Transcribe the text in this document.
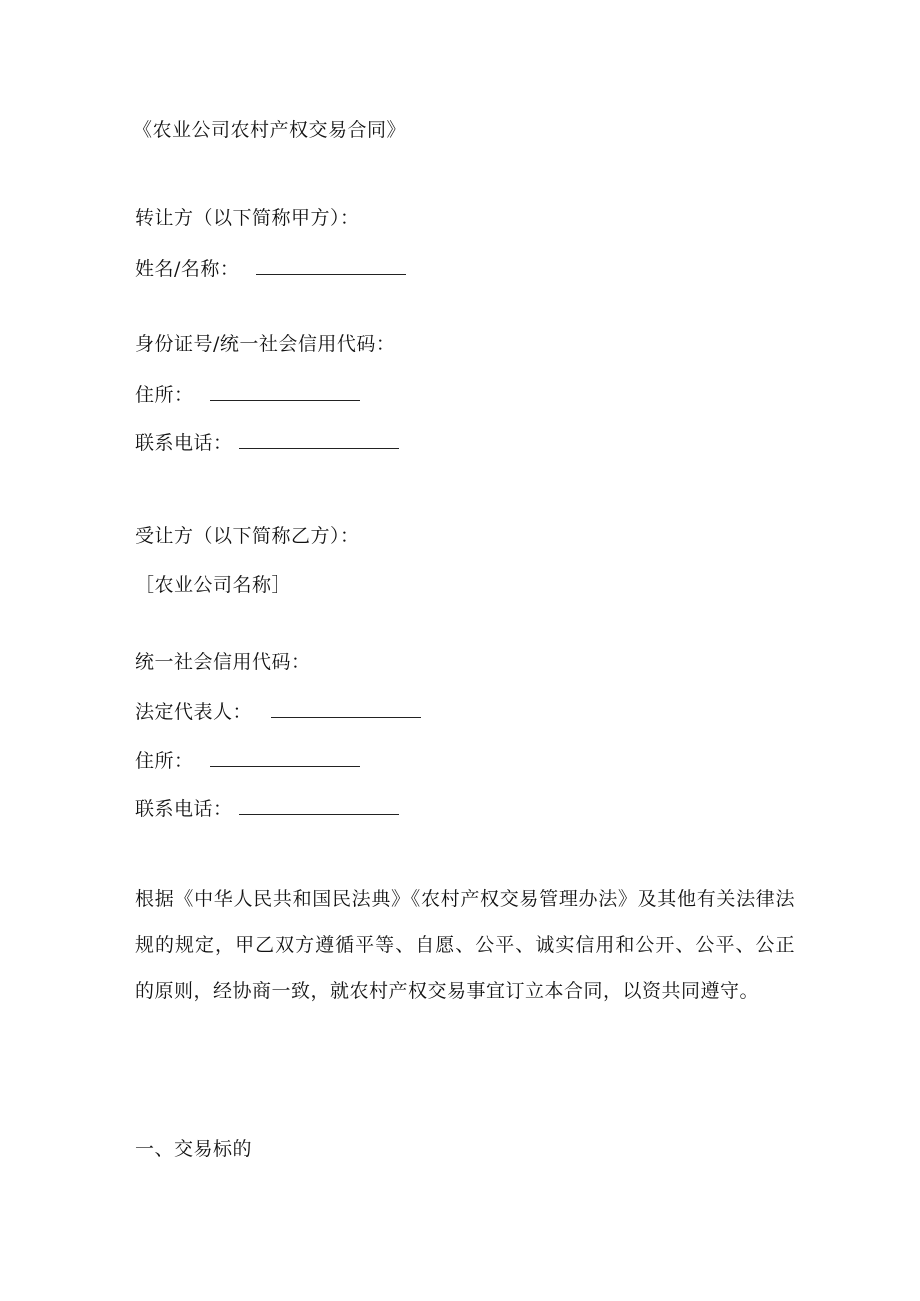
《农业公司农村产权交易合同》
转让方（以下简称甲方）：
姓名/名称：
身份证号/统一社会信用代码：
住所：
联系电话：
受让方（以下简称乙方）：
［农业公司名称］
统一社会信用代码：
法定代表人：
住所：
联系电话：
根据《中华人民共和国民法典》《农村产权交易管理办法》及其他有关法律法规的规定，甲乙双方遵循平等、自愿、公平、诚实信用和公开、公平、公正的原则，经协商一致，就农村产权交易事宜订立本合同，以资共同遵守。
一、交易标的
